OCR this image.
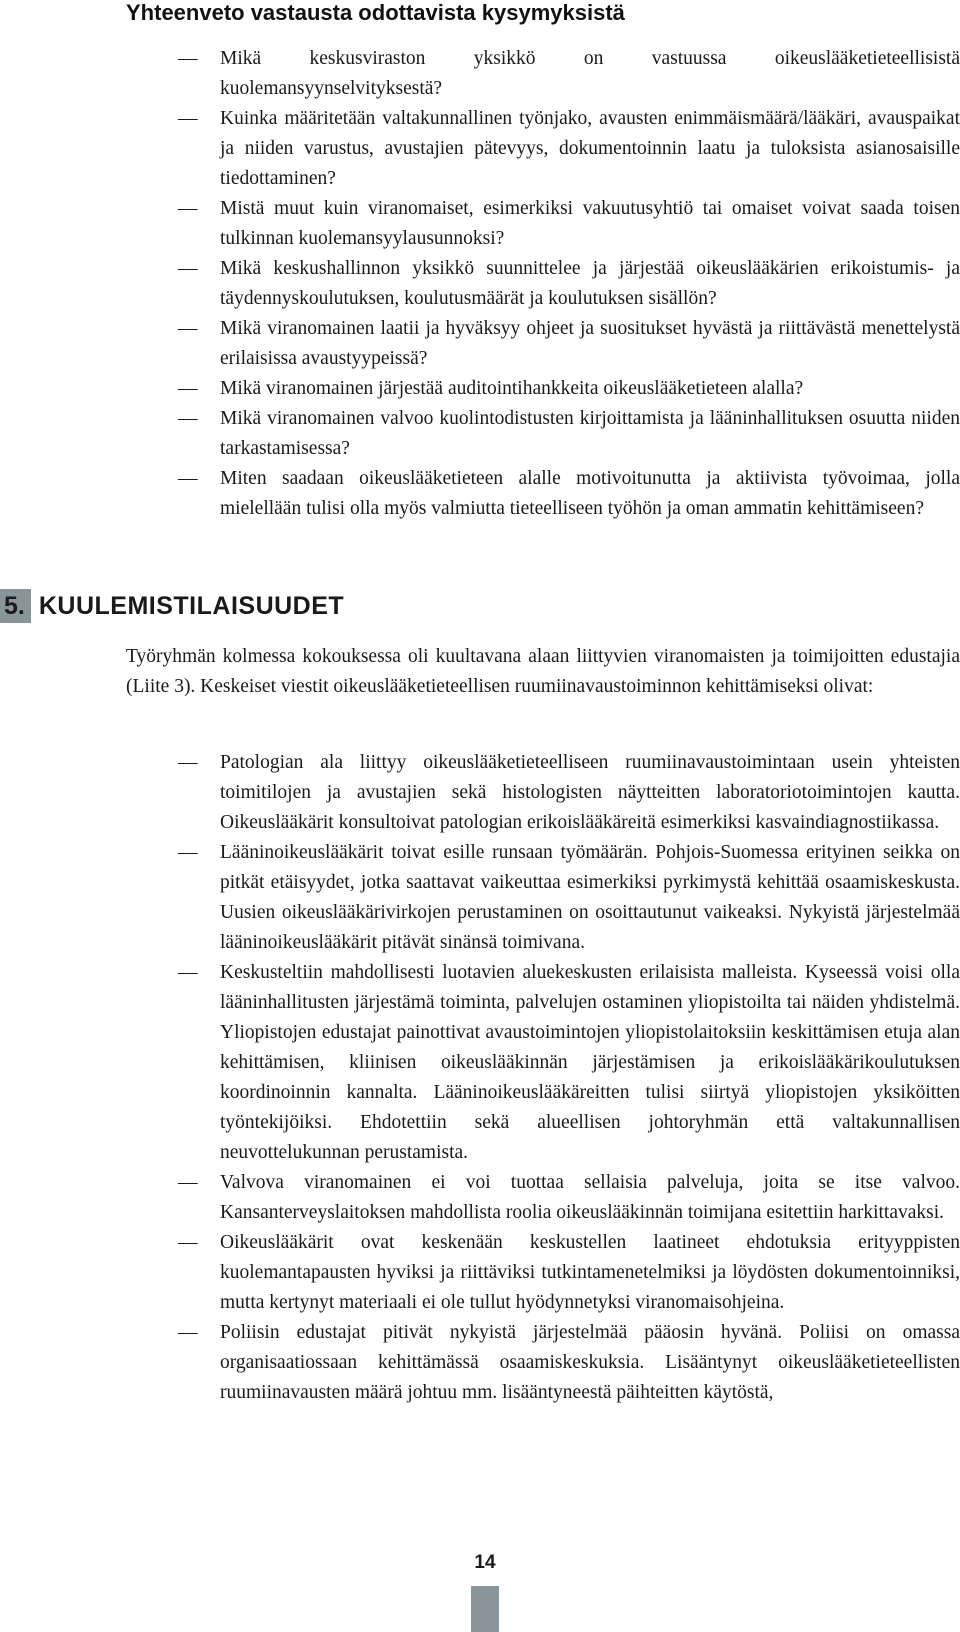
Yhteenveto vastausta odottavista kysymyksistä
— Mikä keskusviraston yksikkö on vastuussa oikeuslääketieteellisistä kuolemansyynselvityksestä?
— Kuinka määritetään valtakunnallinen työnjako, avausten enimmäismäärä/lääkäri, avauspaikat ja niiden varustus, avustajien pätevyys, dokumentoinnin laatu ja tuloksista asianosaisille tiedottaminen?
— Mistä muut kuin viranomaiset, esimerkiksi vakuutusyhtiö tai omaiset voivat saada toisen tulkinnan kuolemansyylausunnoksi?
— Mikä keskushallinnon yksikkö suunnittelee ja järjestää oikeuslääkärien erikoistumis- ja täydennyskoulutuksen, koulutusmäärät ja koulutuksen sisällön?
— Mikä viranomainen laatii ja hyväksyy ohjeet ja suositukset hyvästä ja riittävästä menettelystä erilaisissa avaustyypeissä?
— Mikä viranomainen järjestää auditointihankkeita oikeuslääketieteen alalla?
— Mikä viranomainen valvoo kuolintodistusten kirjoittamista ja lääninhallituksen osuutta niiden tarkastamisessa?
— Miten saadaan oikeuslääketieteen alalle motivoitunutta ja aktiivista työvoimaa, jolla mielellään tulisi olla myös valmiutta tieteelliseen työhön ja oman ammatin kehittämiseen?
5. KUULEMISTILAISUUDET
Työryhmän kolmessa kokouksessa oli kuultavana alaan liittyvien viranomaisten ja toimijoitten edustajia (Liite 3). Keskeiset viestit oikeuslääketieteellisen ruumiinavaustoiminnon kehittämiseksi olivat:
— Patologian ala liittyy oikeuslääketieteelliseen ruumiinavaustoimintaan usein yhteisten toimitilojen ja avustajien sekä histologisten näytteitten laboratoriotoimintojen kautta. Oikeuslääkärit konsultoivat patologian erikoislääkäreitä esimerkiksi kasvaindiagnostiikassa.
— Lääninoikeuslääkärit toivat esille runsaan työmäärän. Pohjois-Suomessa erityinen seikka on pitkät etäisyydet, jotka saattavat vaikeuttaa esimerkiksi pyrkimystä kehittää osaamiskeskusta. Uusien oikeuslääkärivirkojen perustaminen on osoittautunut vaikeaksi. Nykyistä järjestelmää lääninoikeuslääkärit pitävät sinänsä toimivana.
— Keskusteltiin mahdollisesti luotavien aluekeskusten erilaisista malleista. Kyseessä voisi olla lääninhallitusten järjestämä toiminta, palvelujen ostaminen yliopistoilta tai näiden yhdistelmä. Yliopistojen edustajat painottivat avaustoimintojen yliopistolaitoksiin keskittämisen etuja alan kehittämisen, kliinisen oikeuslääkinnän järjestämisen ja erikoislääkärikoulutuksen koordinoinnin kannalta. Lääninoikeuslääkäreitten tulisi siirtyä yliopistojen yksiköitten työntekijöiksi. Ehdotettiin sekä alueellisen johtoryhmän että valtakunnallisen neuvottelukunnan perustamista.
— Valvova viranomainen ei voi tuottaa sellaisia palveluja, joita se itse valvoo. Kansanterveyslaitoksen mahdollista roolia oikeuslääkinnän toimijana esitettiin harkittavaksi.
— Oikeuslääkärit ovat keskenään keskustellen laatineet ehdotuksia erityyppisten kuolemantapausten hyviksi ja riittäviksi tutkintamenetelmiksi ja löydösten dokumentoinniksi, mutta kertynyt materiaali ei ole tullut hyödynnetyksi viranomaisohjeina.
— Poliisin edustajat pitivät nykyistä järjestelmää pääosin hyvänä. Poliisi on omassa organisaatiossaan kehittämässä osaamiskeskuksia. Lisääntynyt oikeuslääketieteellisten ruumiinavausten määrä johtuu mm. lisääntyneestä päihteitten käytöstä,
14
